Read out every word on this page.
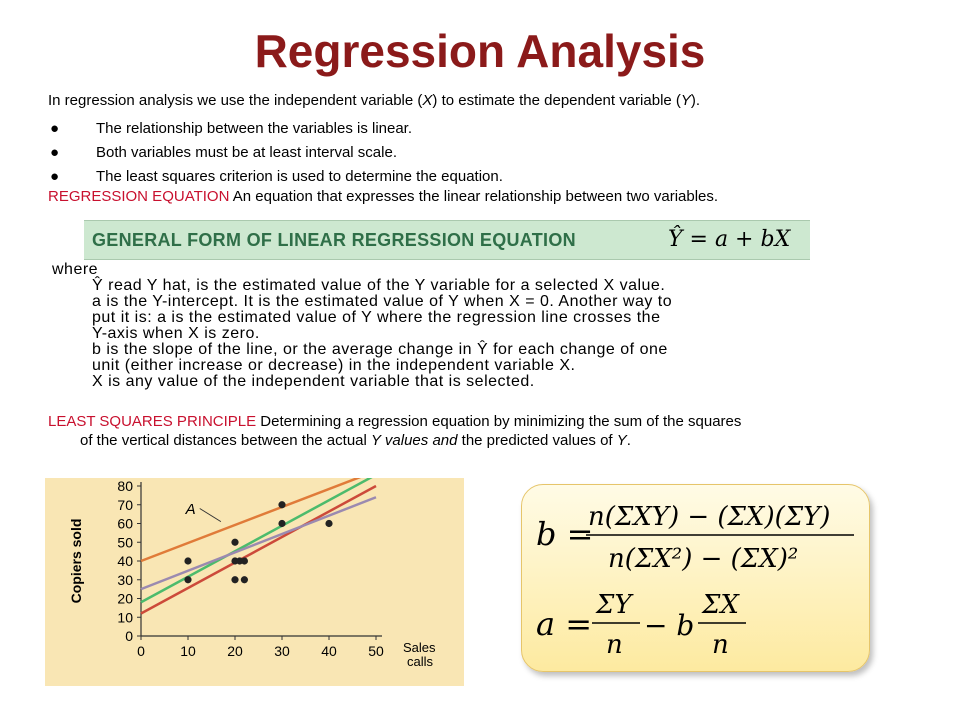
Regression Analysis
In regression analysis we use the independent variable (X) to estimate the dependent variable (Y).
● The relationship between the variables is linear.
● Both variables must be at least interval scale.
● The least squares criterion is used to determine the equation.
REGRESSION EQUATION An equation that expresses the linear relationship between two variables.
GENERAL FORM OF LINEAR REGRESSION EQUATION	Ŷ = a + bX
where
Ŷ read Y hat, is the estimated value of the Y variable for a selected X value.
a is the Y-intercept. It is the estimated value of Y when X = 0. Another way to
put it is: a is the estimated value of Y where the regression line crosses the
Y-axis when X is zero.
b is the slope of the line, or the average change in Ŷ for each change of one
unit (either increase or decrease) in the independent variable X.
X is any value of the independent variable that is selected.
LEAST SQUARES PRINCIPLE Determining a regression equation by minimizing the sum of the squares
of the vertical distances between the actual Y values and the predicted values of Y.
0
10
20
30
40
50
60
70
80
0	10 20 30 40 50
Copiers sold
Sales
calls
A
b =
n(ΣXY) − (ΣX)(ΣY)
n(ΣX²) − (ΣX)²
a = ΣY
n
− b
ΣX
n
